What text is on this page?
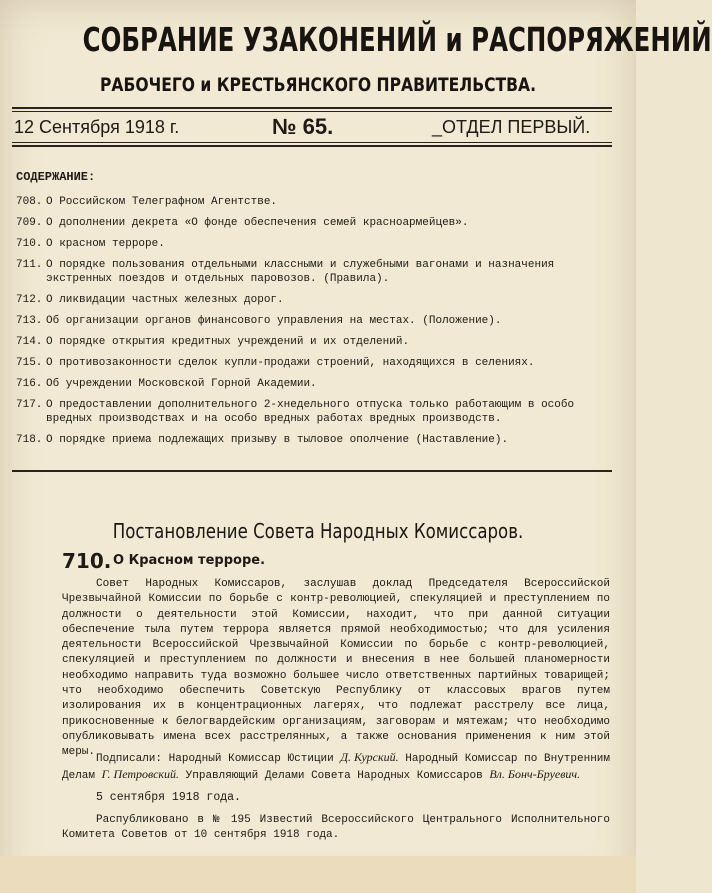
СОБРАНИЕ УЗАКОНЕНИЙ и РАСПОРЯЖЕНИЙ
РАБОЧЕГО и КРЕСТЬЯНСКОГО ПРАВИТЕЛЬСТВА.
12 Сентября 1918 г.	№ 65.	_ОТДЕЛ ПЕРВЫЙ.
СОДЕРЖАНИЕ:
708. О Российском Телеграфном Агентстве.
709. О дополнении декрета «О фонде обеспечения семей красноармейцев».
710. О красном терроре.
711. О порядке пользования отдельными классными и служебными вагонами и назначения экстренных поездов и отдельных паровозов. (Правила).
712. О ликвидации частных железных дорог.
713. Об организации органов финансового управления на местах. (Положение).
714. О порядке открытия кредитных учреждений и их отделений.
715. О противозаконности сделок купли-продажи строений, находящихся в селениях.
716. Об учреждении Московской Горной Академии.
717. О предоставлении дополнительного 2-хнедельного отпуска только работающим в особо вредных производствах и на особо вредных работах вредных производств.
718. О порядке приема подлежащих призыву в тыловое ополчение (Наставление).
Постановление Совета Народных Комиссаров.
710. О Красном терроре.

Совет Народных Комиссаров, заслушав доклад Председателя Всероссийской Чрезвычайной Комиссии по борьбе с контр-революцией, спекуляцией и преступлением по должности о деятельности этой Комиссии, находит, что при данной ситуации обеспечение тыла путем террора является прямой необходимостью; что для усиления деятельности Всероссийской Чрезвычайной Комиссии по борьбе с контр-революцией, спекуляцией и преступлением по должности и внесения в нее большей планомерности необходимо направить туда возможно большее число ответственных партийных товарищей; что необходимо обеспечить Советскую Республику от классовых врагов путем изолирования их в концентрационных лагерях, что подлежат расстрелу все лица, прикосновенные к белогвардейским организациям, заговорам и мятежам; что необходимо опубликовывать имена всех расстрелянных, а также основания применения к ним этой меры.

Подписали: Народный Комиссар Юстиции Д. Курский. Народный Комиссар по Внутренним Делам Г. Петровский. Управляющий Делами Совета Народных Комиссаров Вл. Бонч-Бруевич.

5 сентября 1918 года.

Распубликовано в № 195 Известий Всероссийского Центрального Исполнительного Комитета Советов от 10 сентября 1918 года.
